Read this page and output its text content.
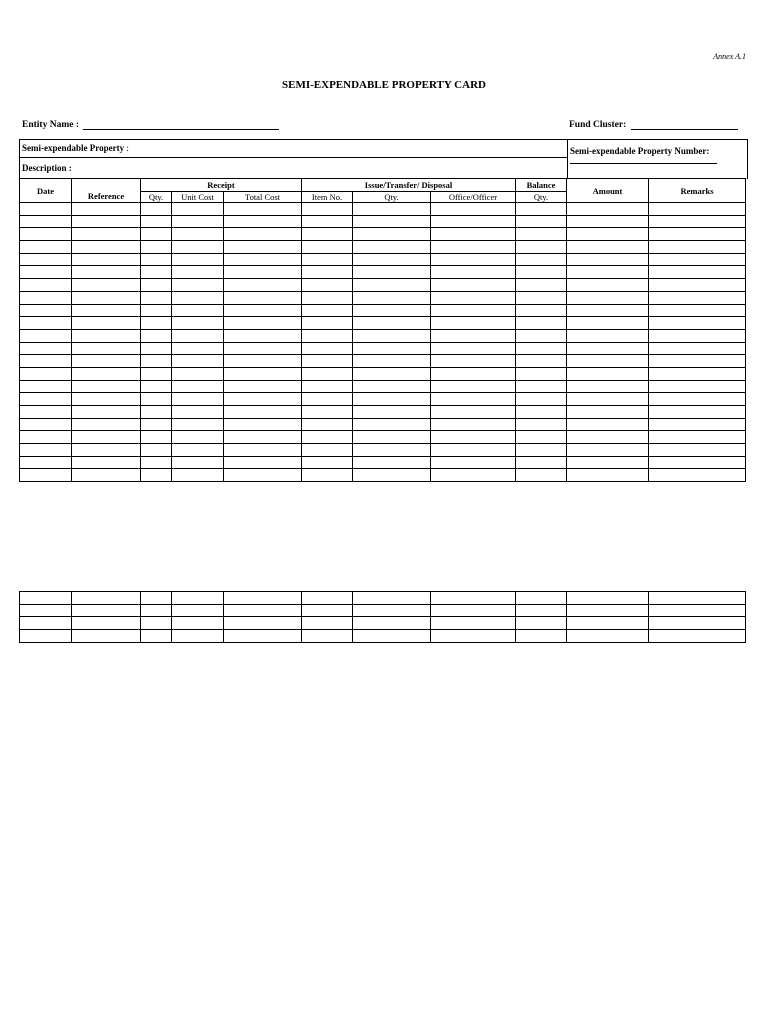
Annex A.1
SEMI-EXPENDABLE PROPERTY CARD
Entity Name :	Fund Cluster:
Semi-expendable Property :
Description :
Semi-expendable Property Number:
Date	Reference	Receipt			Issue/Transfer/ Disposal			Balance	Amount	Remarks
		Qty.	Unit Cost	Total Cost	Item No.	Qty.	Office/Officer	Qty.		
